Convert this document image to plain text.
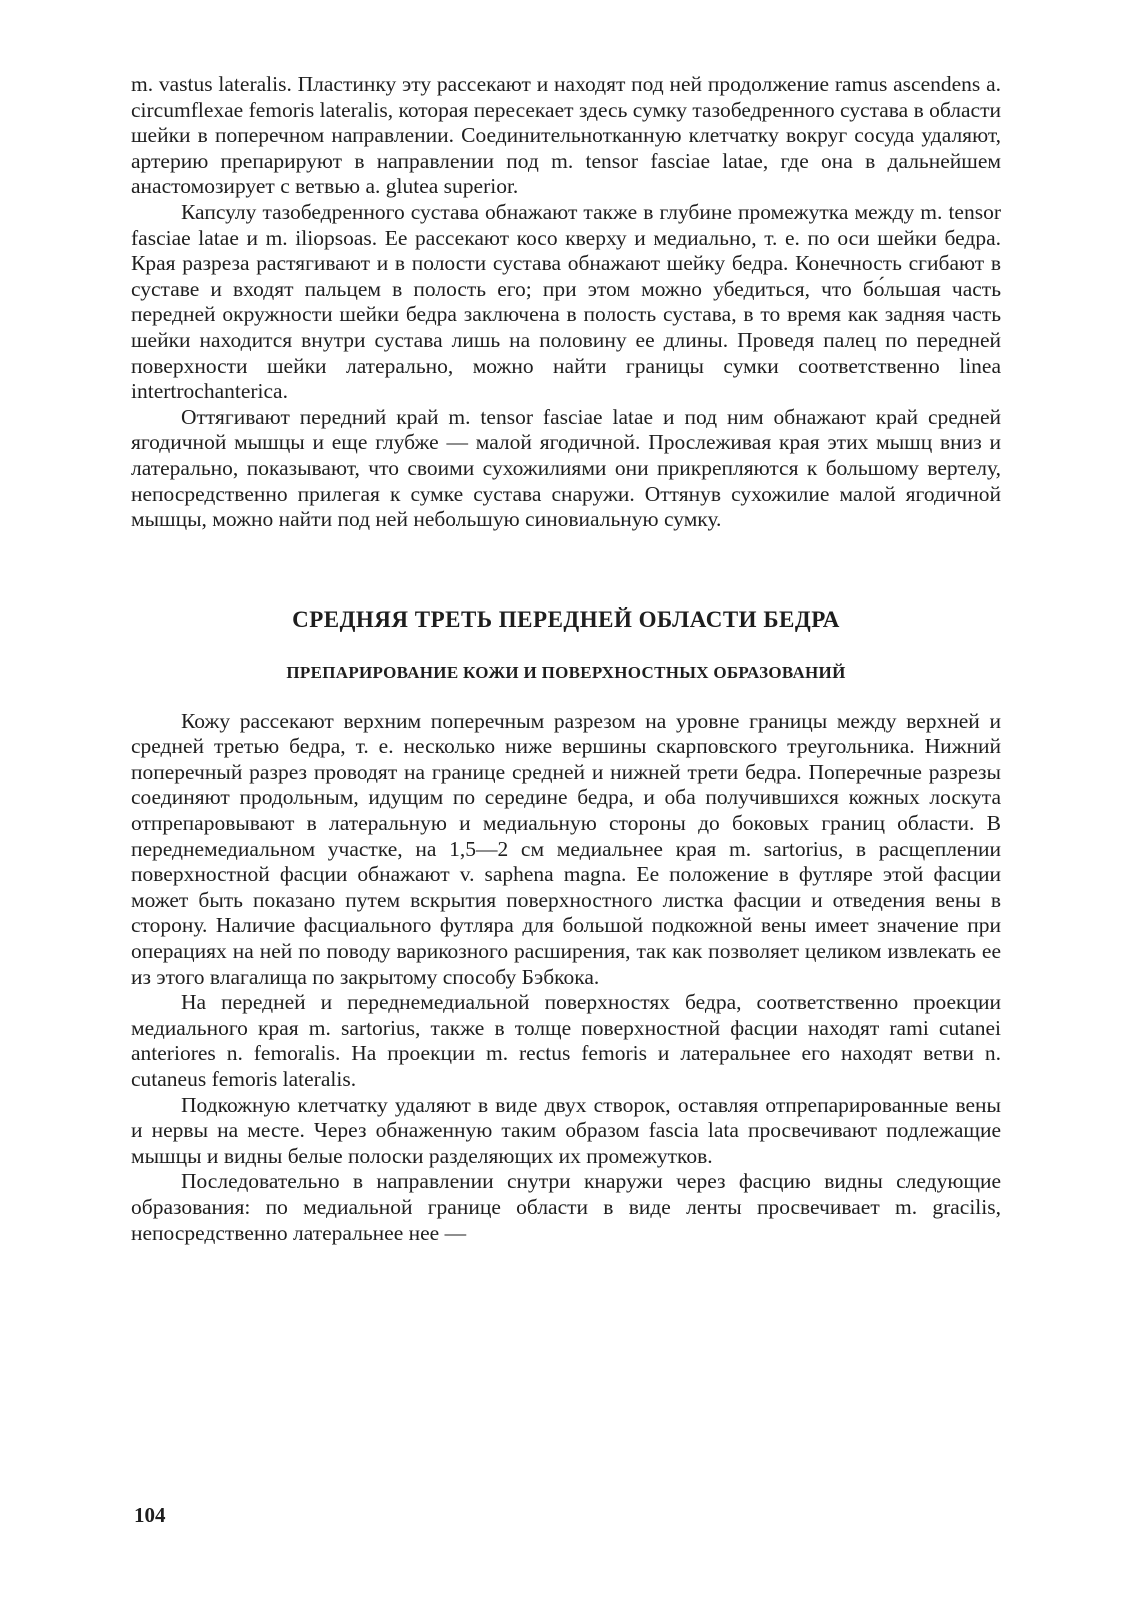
m. vastus lateralis. Пластинку эту рассекают и находят под ней продолжение ramus ascendens a. circumflexae femoris lateralis, которая пересекает здесь сумку тазобедренного сустава в области шейки в поперечном направлении. Соединительнотканную клетчатку вокруг сосуда удаляют, артерию препарируют в направлении под m. tensor fasciae latae, где она в дальнейшем анастомозирует с ветвью a. glutea superior.

Капсулу тазобедренного сустава обнажают также в глубине промежутка между m. tensor fasciae latae и m. iliopsoas. Ее рассекают косо кверху и медиально, т. е. по оси шейки бедра. Края разреза растягивают и в полости сустава обнажают шейку бедра. Конечность сгибают в суставе и входят пальцем в полость его; при этом можно убедиться, что бо́льшая часть передней окружности шейки бедра заключена в полость сустава, в то время как задняя часть шейки находится внутри сустава лишь на половину ее длины. Проведя палец по передней поверхности шейки латерально, можно найти границы сумки соответственно linea intertrochanterica.

Оттягивают передний край m. tensor fasciae latae и под ним обнажают край средней ягодичной мышцы и еще глубже — малой ягодичной. Прослеживая края этих мышц вниз и латерально, показывают, что своими сухожилиями они прикрепляются к большому вертелу, непосредственно прилегая к сумке сустава снаружи. Оттянув сухожилие малой ягодичной мышцы, можно найти под ней небольшую синовиальную сумку.

СРЕДНЯЯ ТРЕТЬ ПЕРЕДНЕЙ ОБЛАСТИ БЕДРА
ПРЕПАРИРОВАНИЕ КОЖИ И ПОВЕРХНОСТНЫХ ОБРАЗОВАНИЙ

Кожу рассекают верхним поперечным разрезом на уровне границы между верхней и средней третью бедра, т. е. несколько ниже вершины скарповского треугольника. Нижний поперечный разрез проводят на границе средней и нижней трети бедра. Поперечные разрезы соединяют продольным, идущим по середине бедра, и оба получившихся кожных лоскута отпрепаровывают в латеральную и медиальную стороны до боковых границ области. В переднемедиальном участке, на 1,5—2 см медиальнее края m. sartorius, в расщеплении поверхностной фасции обнажают v. saphena magna. Ее положение в футляре этой фасции может быть показано путем вскрытия поверхностного листка фасции и отведения вены в сторону. Наличие фасциального футляра для большой подкожной вены имеет значение при операциях на ней по поводу варикозного расширения, так как позволяет целиком извлекать ее из этого влагалища по закрытому способу Бэбкока.

На передней и переднемедиальной поверхностях бедра, соответственно проекции медиального края m. sartorius, также в толще поверхностной фасции находят rami cutanei anteriores n. femoralis. На проекции m. rectus femoris и латеральнее его находят ветви n. cutaneus femoris lateralis.

Подкожную клетчатку удаляют в виде двух створок, оставляя отпрепарированные вены и нервы на месте. Через обнаженную таким образом fascia lata просвечивают подлежащие мышцы и видны белые полоски разделяющих их промежутков.

Последовательно в направлении снутри кнаружи через фасцию видны следующие образования: по медиальной границе области в виде ленты просвечивает m. gracilis, непосредственно латеральнее нее —

104
